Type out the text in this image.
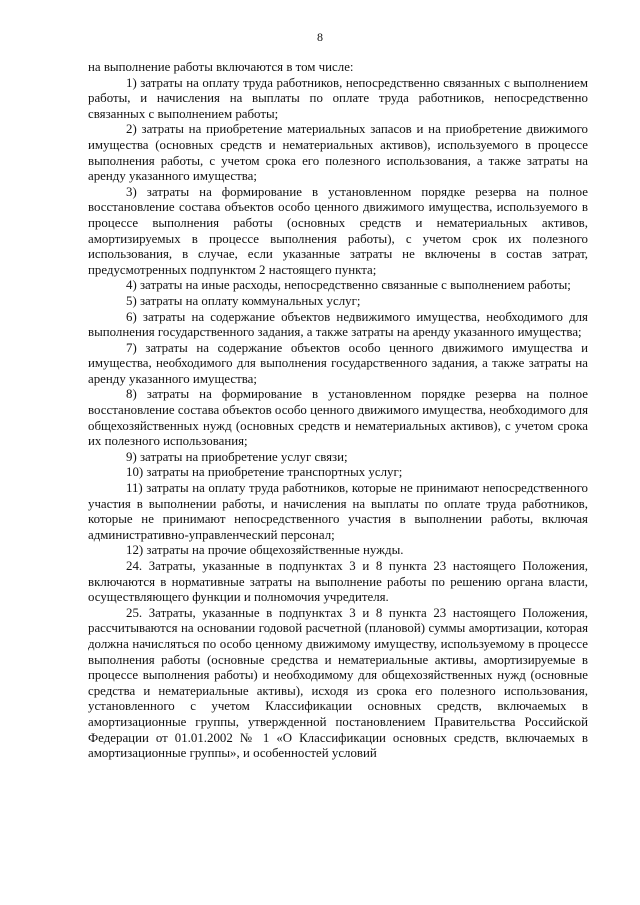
8

на выполнение работы включаются в том числе:

1) затраты на оплату труда работников, непосредственно связанных с выполнением работы, и начисления на выплаты по оплате труда работников, непосредственно связанных с выполнением работы;

2) затраты на приобретение материальных запасов и на приобретение движимого имущества (основных средств и нематериальных активов), используемого в процессе выполнения работы, с учетом срока его полезного использования, а также затраты на аренду указанного имущества;

3) затраты на формирование в установленном порядке резерва на полное восстановление состава объектов особо ценного движимого имущества, используемого в процессе выполнения работы (основных средств и нематериальных активов, амортизируемых в процессе выполнения работы), с учетом срок их полезного использования, в случае, если указанные затраты не включены в состав затрат, предусмотренных подпунктом 2 настоящего пункта;

4) затраты на иные расходы, непосредственно связанные с выполнением работы;

5) затраты на оплату коммунальных услуг;

6) затраты на содержание объектов недвижимого имущества, необходимого для выполнения государственного задания, а также затраты на аренду указанного имущества;

7) затраты на содержание объектов особо ценного движимого имущества и имущества, необходимого для выполнения государственного задания, а также затраты на аренду указанного имущества;

8) затраты на формирование в установленном порядке резерва на полное восстановление состава объектов особо ценного движимого имущества, необходимого для общехозяйственных нужд (основных средств и нематериальных активов), с учетом срока их полезного использования;

9) затраты на приобретение услуг связи;

10) затраты на приобретение транспортных услуг;

11) затраты на оплату труда работников, которые не принимают непосредственного участия в выполнении работы, и начисления на выплаты по оплате труда работников, которые не принимают непосредственного участия в выполнении работы, включая административно-управленческий персонал;

12) затраты на прочие общехозяйственные нужды.

24. Затраты, указанные в подпунктах 3 и 8 пункта 23 настоящего Положения, включаются в нормативные затраты на выполнение работы по решению органа власти, осуществляющего функции и полномочия учредителя.

25. Затраты, указанные в подпунктах 3 и 8 пункта 23 настоящего Положения, рассчитываются на основании годовой расчетной (плановой) суммы амортизации, которая должна начисляться по особо ценному движимому имуществу, используемому в процессе выполнения работы (основные средства и нематериальные активы, амортизируемые в процессе выполнения работы) и необходимому для общехозяйственных нужд (основные средства и нематериальные активы), исходя из срока его полезного использования, установленного с учетом Классификации основных средств, включаемых в амортизационные группы, утвержденной постановлением Правительства Российской Федерации от 01.01.2002 № 1 «О Классификации основных средств, включаемых в амортизационные группы», и особенностей условий
